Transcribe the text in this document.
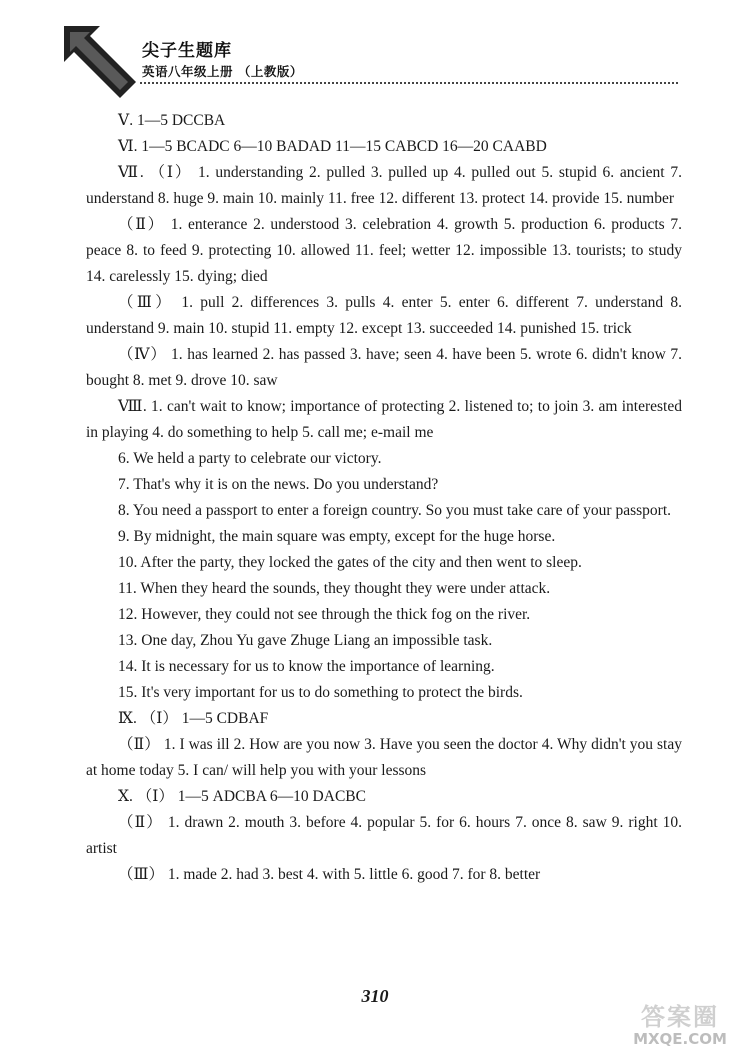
尖子生题库
英语八年级上册 （上教版）

Ⅴ. 1—5 DCCBA

Ⅵ. 1—5 BCADC 6—10 BADAD 11—15 CABCD 16—20 CAABD

Ⅶ. （Ⅰ） 1. understanding 2. pulled 3. pulled up 4. pulled out 5. stupid 6. ancient 7. understand 8. huge 9. main 10. mainly 11. free 12. different 13. protect 14. provide 15. number

（Ⅱ） 1. enterance 2. understood 3. celebration 4. growth 5. production 6. products 7. peace 8. to feed 9. protecting 10. allowed 11. feel; wetter 12. impossible 13. tourists; to study 14. carelessly 15. dying; died

（Ⅲ） 1. pull 2. differences 3. pulls 4. enter 5. enter 6. different 7. understand 8. understand 9. main 10. stupid 11. empty 12. except 13. succeeded 14. punished 15. trick

（Ⅳ） 1. has learned 2. has passed 3. have; seen 4. have been 5. wrote 6. didn't know 7. bought 8. met 9. drove 10. saw

Ⅷ. 1. can't wait to know; importance of protecting 2. listened to; to join 3. am interested in playing 4. do something to help 5. call me; e-mail me

6. We held a party to celebrate our victory.

7. That's why it is on the news. Do you understand?

8. You need a passport to enter a foreign country. So you must take care of your passport.

9. By midnight, the main square was empty, except for the huge horse.

10. After the party, they locked the gates of the city and then went to sleep.

11. When they heard the sounds, they thought they were under attack.

12. However, they could not see through the thick fog on the river.

13. One day, Zhou Yu gave Zhuge Liang an impossible task.

14. It is necessary for us to know the importance of learning.

15. It's very important for us to do something to protect the birds.

Ⅸ. （Ⅰ） 1—5 CDBAF

（Ⅱ） 1. I was ill 2. How are you now 3. Have you seen the doctor 4. Why didn't you stay at home today 5. I can/ will help you with your lessons

Ⅹ. （Ⅰ） 1—5 ADCBA 6—10 DACBC

（Ⅱ） 1. drawn 2. mouth 3. before 4. popular 5. for 6. hours 7. once 8. saw 9. right 10. artist

（Ⅲ） 1. made 2. had 3. best 4. with 5. little 6. good 7. for 8. better

310
答案圈
MXQE.COM
